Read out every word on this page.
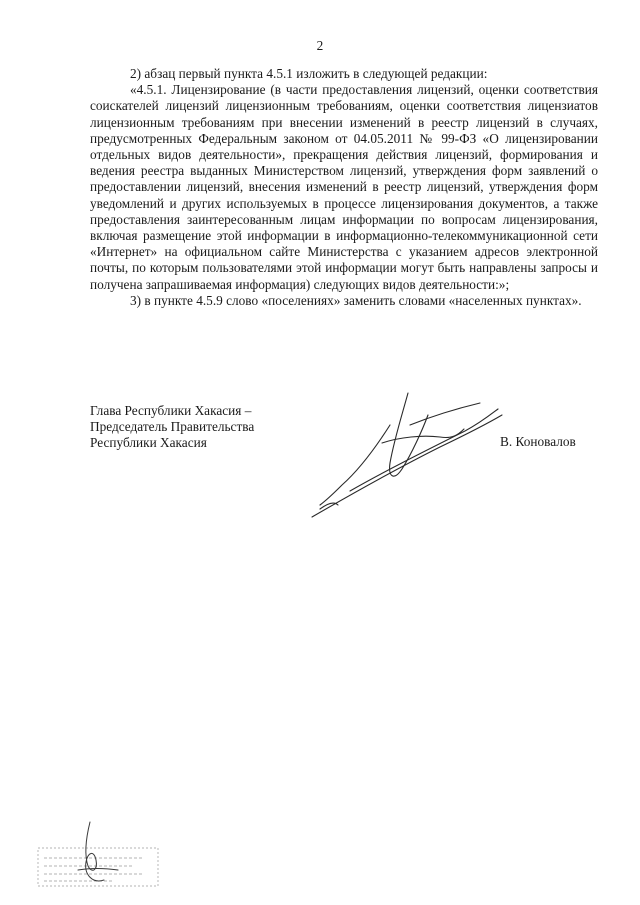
2

2) абзац первый пункта 4.5.1 изложить в следующей редакции:

«4.5.1. Лицензирование (в части предоставления лицензий, оценки соответствия соискателей лицензий лицензионным требованиям, оценки соответствия лицензиатов лицензионным требованиям при внесении изменений в реестр лицензий в случаях, предусмотренных Федеральным законом от 04.05.2011 № 99-ФЗ «О лицензировании отдельных видов деятельности», прекращения действия лицензий, формирования и ведения реестра выданных Министерством лицензий, утверждения форм заявлений о предоставлении лицензий, внесения изменений в реестр лицензий, утверждения форм уведомлений и других используемых в процессе лицензирования документов, а также предоставления заинтересованным лицам информации по вопросам лицензирования, включая размещение этой информации в информационно-телекоммуникационной сети «Интернет» на официальном сайте Министерства с указанием адресов электронной почты, по которым пользователями этой информации могут быть направлены запросы и получена запрашиваемая информация) следующих видов деятельности:»;

3) в пункте 4.5.9 слово «поселениях» заменить словами «населенных пунктах».

Глава Республики Хакасия –
Председатель Правительства
Республики Хакасия	В. Коновалов
